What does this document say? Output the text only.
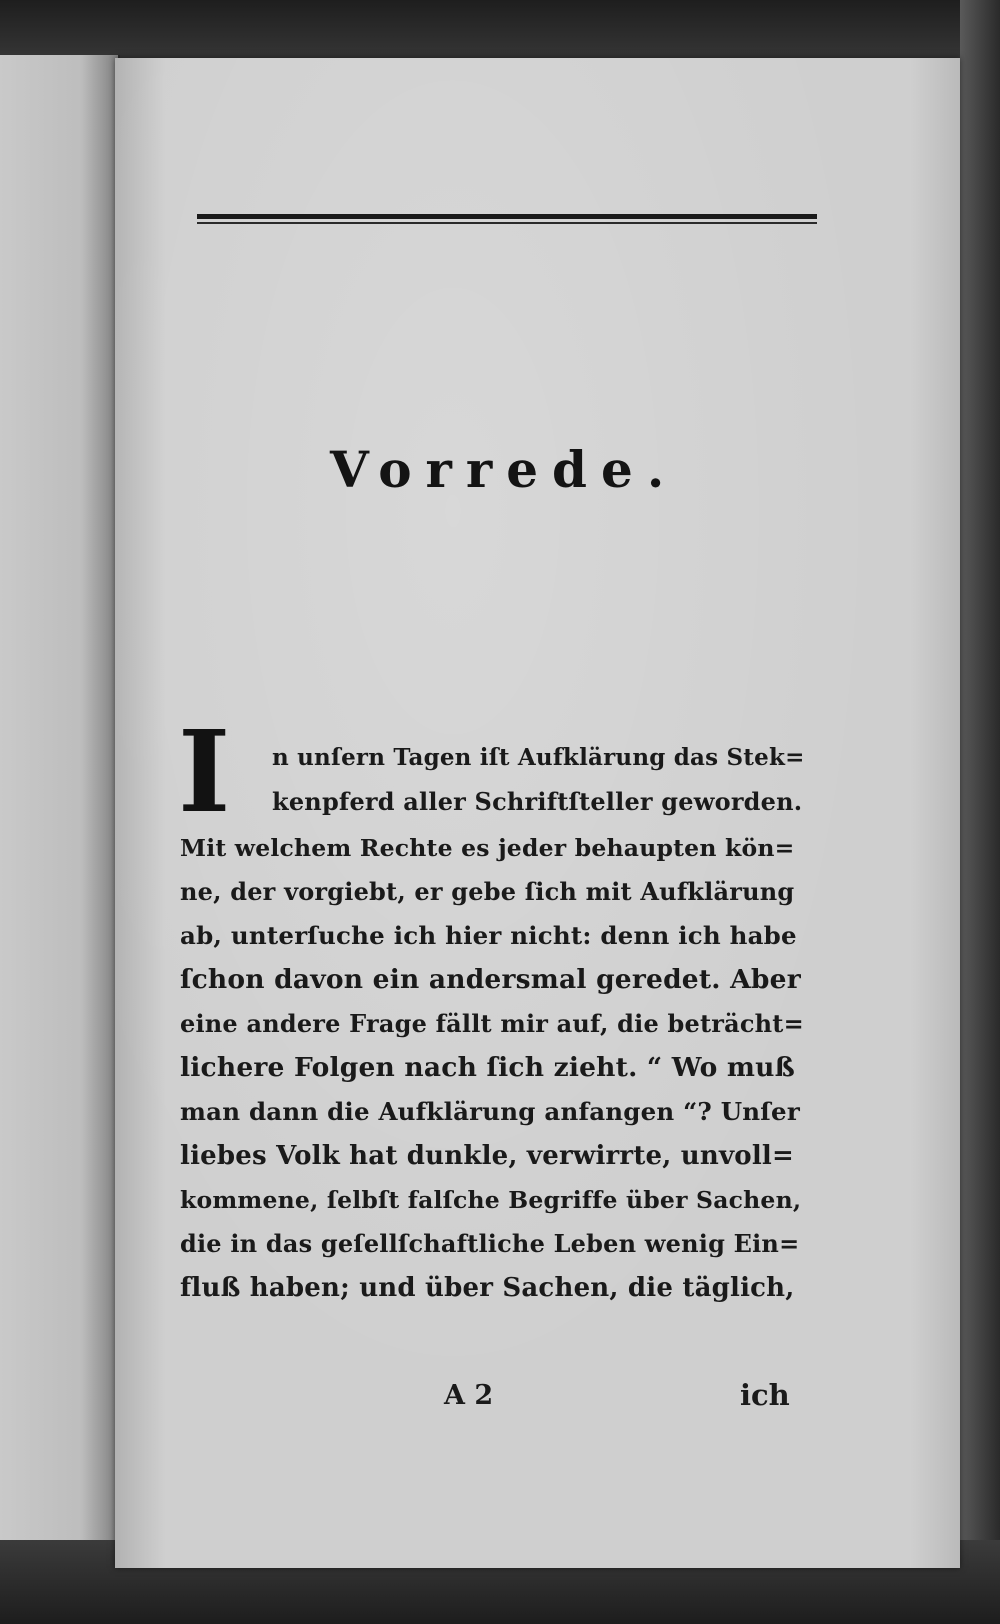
Vorrede.
I n unſern Tagen iſt Aufklärung das Stek=

kenpferd aller Schriftſteller geworden.

Mit welchem Rechte es jeder behaupten kön=

ne, der vorgiebt, er gebe ſich mit Aufklärung

ab, unterſuche ich hier nicht: denn ich habe

ſchon davon ein andersmal geredet. Aber

eine andere Frage fällt mir auf, die beträcht=

lichere Folgen nach ſich zieht. “ Wo muß

man dann die Aufklärung anfangen “? Unſer

liebes Volk hat dunkle, verwirrte, unvoll=

kommene, ſelbſt falſche Begriffe über Sachen,

die in das geſellſchaftliche Leben wenig Ein=

fluß haben; und über Sachen, die täglich,

A 2	ich
